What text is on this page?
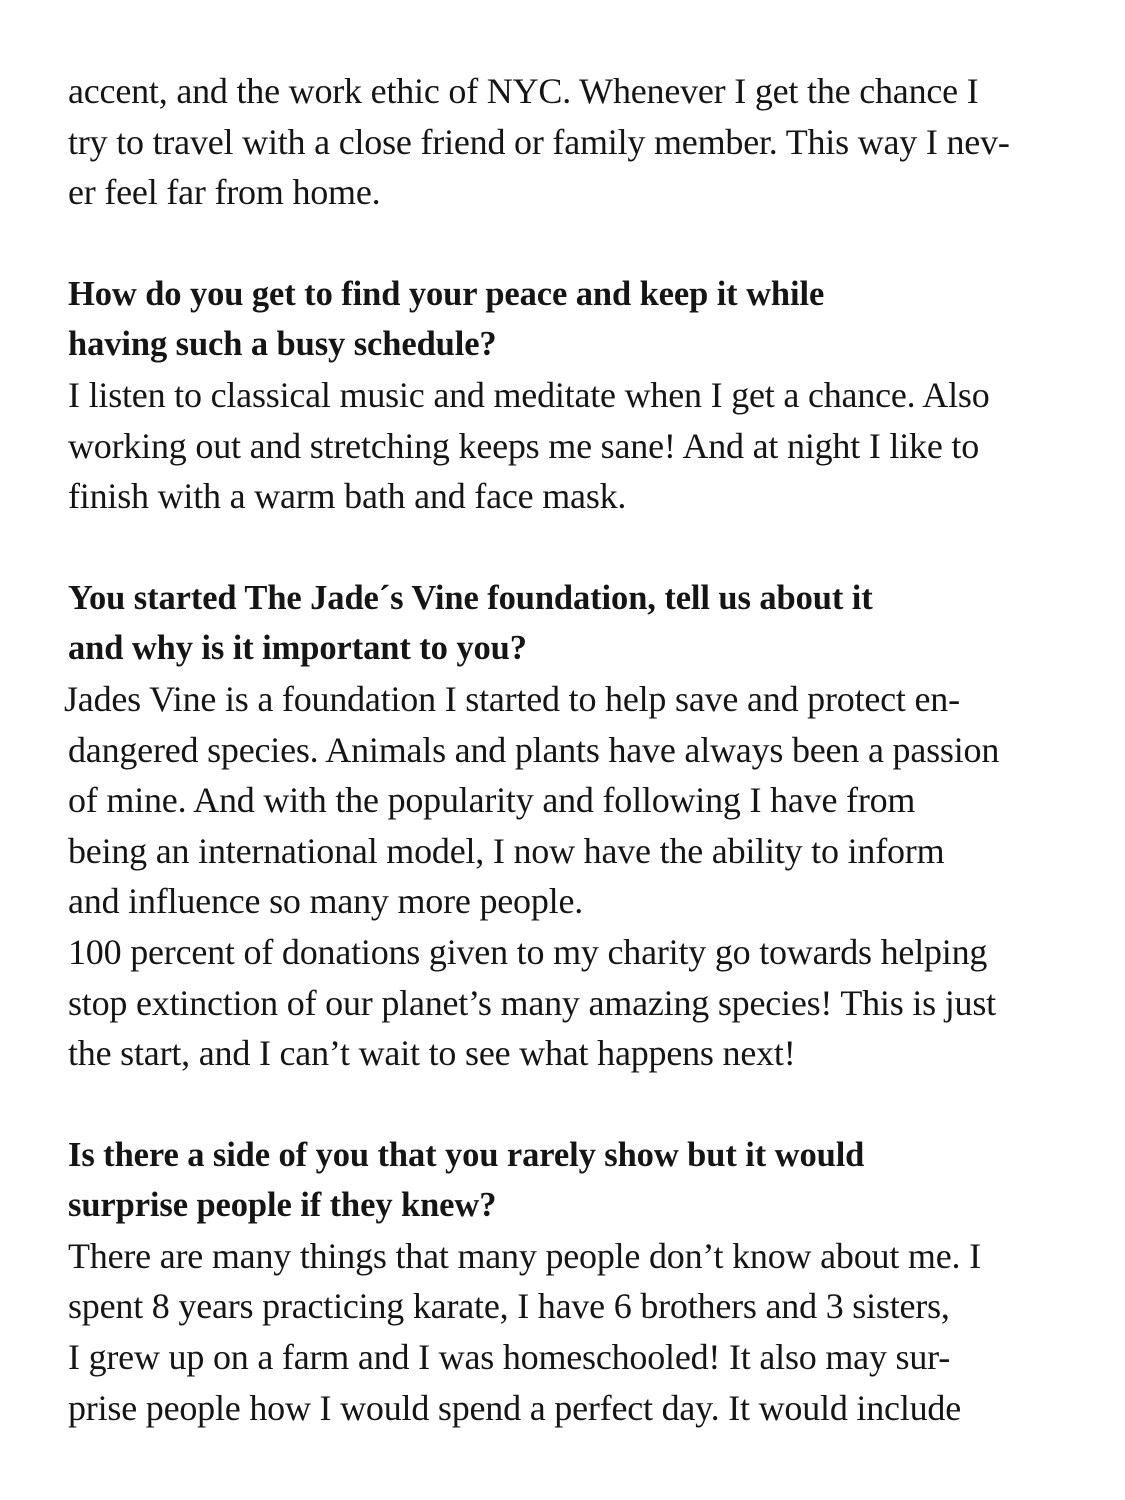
accent, and the work ethic of NYC. Whenever I get the chance I
try to travel with a close friend or family member. This way I nev-
er feel far from home.
How do you get to find your peace and keep it while
having such a busy schedule?
I listen to classical music and meditate when I get a chance. Also
working out and stretching keeps me sane! And at night I like to
finish with a warm bath and face mask.
You started The Jade´s Vine foundation, tell us about it
and why is it important to you?
Jades Vine is a foundation I started to help save and protect en-
dangered species. Animals and plants have always been a passion
of mine. And with the popularity and following I have from
being an international model, I now have the ability to inform
and influence so many more people.
100 percent of donations given to my charity go towards helping
stop extinction of our planet’s many amazing species! This is just
the start, and I can’t wait to see what happens next!
Is there a side of you that you rarely show but it would
surprise people if they knew?
There are many things that many people don’t know about me. I
spent 8 years practicing karate, I have 6 brothers and 3 sisters,
I grew up on a farm and I was homeschooled! It also may sur-
prise people how I would spend a perfect day. It would include
